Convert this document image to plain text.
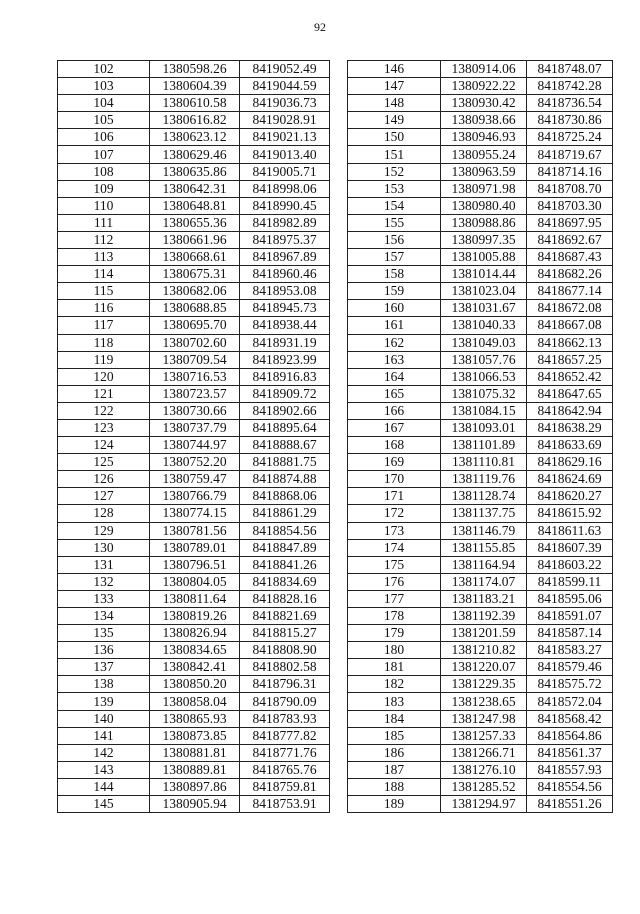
92
102	1380598.26	8419052.49
103	1380604.39	8419044.59
104	1380610.58	8419036.73
105	1380616.82	8419028.91
106	1380623.12	8419021.13
107	1380629.46	8419013.40
108	1380635.86	8419005.71
109	1380642.31	8418998.06
110	1380648.81	8418990.45
111	1380655.36	8418982.89
112	1380661.96	8418975.37
113	1380668.61	8418967.89
114	1380675.31	8418960.46
115	1380682.06	8418953.08
116	1380688.85	8418945.73
117	1380695.70	8418938.44
118	1380702.60	8418931.19
119	1380709.54	8418923.99
120	1380716.53	8418916.83
121	1380723.57	8418909.72
122	1380730.66	8418902.66
123	1380737.79	8418895.64
124	1380744.97	8418888.67
125	1380752.20	8418881.75
126	1380759.47	8418874.88
127	1380766.79	8418868.06
128	1380774.15	8418861.29
129	1380781.56	8418854.56
130	1380789.01	8418847.89
131	1380796.51	8418841.26
132	1380804.05	8418834.69
133	1380811.64	8418828.16
134	1380819.26	8418821.69
135	1380826.94	8418815.27
136	1380834.65	8418808.90
137	1380842.41	8418802.58
138	1380850.20	8418796.31
139	1380858.04	8418790.09
140	1380865.93	8418783.93
141	1380873.85	8418777.82
142	1380881.81	8418771.76
143	1380889.81	8418765.76
144	1380897.86	8418759.81
145	1380905.94	8418753.91
146	1380914.06	8418748.07
147	1380922.22	8418742.28
148	1380930.42	8418736.54
149	1380938.66	8418730.86
150	1380946.93	8418725.24
151	1380955.24	8418719.67
152	1380963.59	8418714.16
153	1380971.98	8418708.70
154	1380980.40	8418703.30
155	1380988.86	8418697.95
156	1380997.35	8418692.67
157	1381005.88	8418687.43
158	1381014.44	8418682.26
159	1381023.04	8418677.14
160	1381031.67	8418672.08
161	1381040.33	8418667.08
162	1381049.03	8418662.13
163	1381057.76	8418657.25
164	1381066.53	8418652.42
165	1381075.32	8418647.65
166	1381084.15	8418642.94
167	1381093.01	8418638.29
168	1381101.89	8418633.69
169	1381110.81	8418629.16
170	1381119.76	8418624.69
171	1381128.74	8418620.27
172	1381137.75	8418615.92
173	1381146.79	8418611.63
174	1381155.85	8418607.39
175	1381164.94	8418603.22
176	1381174.07	8418599.11
177	1381183.21	8418595.06
178	1381192.39	8418591.07
179	1381201.59	8418587.14
180	1381210.82	8418583.27
181	1381220.07	8418579.46
182	1381229.35	8418575.72
183	1381238.65	8418572.04
184	1381247.98	8418568.42
185	1381257.33	8418564.86
186	1381266.71	8418561.37
187	1381276.10	8418557.93
188	1381285.52	8418554.56
189	1381294.97	8418551.26
